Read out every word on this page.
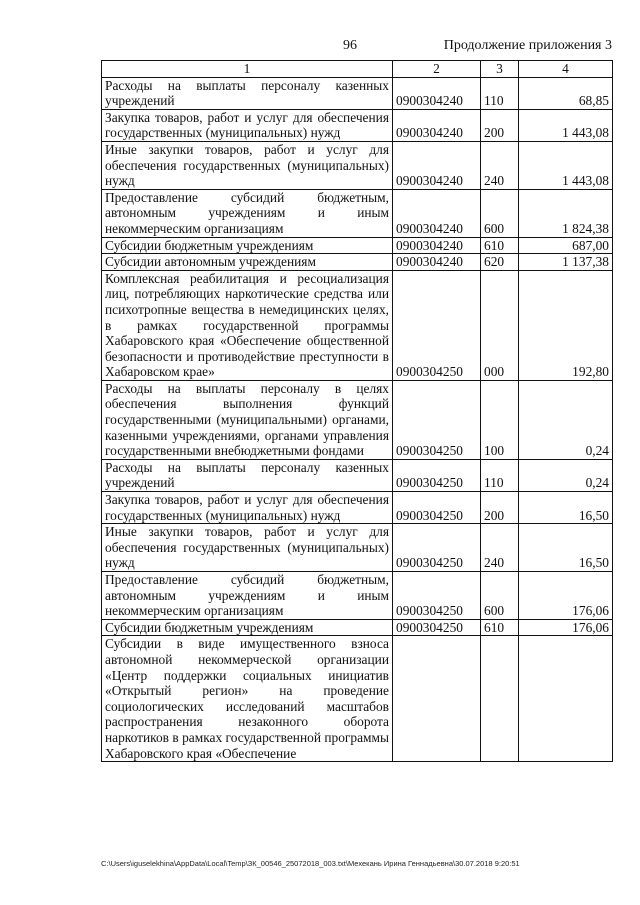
96	Продолжение приложения 3
1	2	3	4
Расходы на выплаты персоналу казенных учреждений	0900304240	110	68,85
Закупка товаров, работ и услуг для обеспечения государственных (муниципальных) нужд	0900304240	200	1 443,08
Иные закупки товаров, работ и услуг для обеспечения государственных (муниципальных) нужд	0900304240	240	1 443,08
Предоставление субсидий бюджетным, автономным учреждениям и иным некоммерческим организациям	0900304240	600	1 824,38
Субсидии бюджетным учреждениям	0900304240	610	687,00
Субсидии автономным учреждениям	0900304240	620	1 137,38
Комплексная реабилитация и ресоциализация лиц, потребляющих наркотические средства или психотропные вещества в немедицинских целях, в рамках государственной программы Хабаровского края «Обеспечение общественной безопасности и противодействие преступности в Хабаровском крае»	0900304250	000	192,80
Расходы на выплаты персоналу в целях обеспечения выполнения функций государственными (муниципальными) органами, казенными учреждениями, органами управления государственными внебюджетными фондами	0900304250	100	0,24
Расходы на выплаты персоналу казенных учреждений	0900304250	110	0,24
Закупка товаров, работ и услуг для обеспечения государственных (муниципальных) нужд	0900304250	200	16,50
Иные закупки товаров, работ и услуг для обеспечения государственных (муниципальных) нужд	0900304250	240	16,50
Предоставление субсидий бюджетным, автономным учреждениям и иным некоммерческим организациям	0900304250	600	176,06
Субсидии бюджетным учреждениям	0900304250	610	176,06
Субсидии в виде имущественного взноса автономной некоммерческой организации «Центр поддержки социальных инициатив «Открытый регион» на проведение социологических исследований масштабов распространения незаконного оборота наркотиков в рамках государственной программы Хабаровского края «Обеспечение			
C:\Users\iguselekhina\AppData\Local\Temp\ЗК_00546_25072018_003.txt\Мехекань Ирина Геннадьевна\30.07.2018 9:20:51
